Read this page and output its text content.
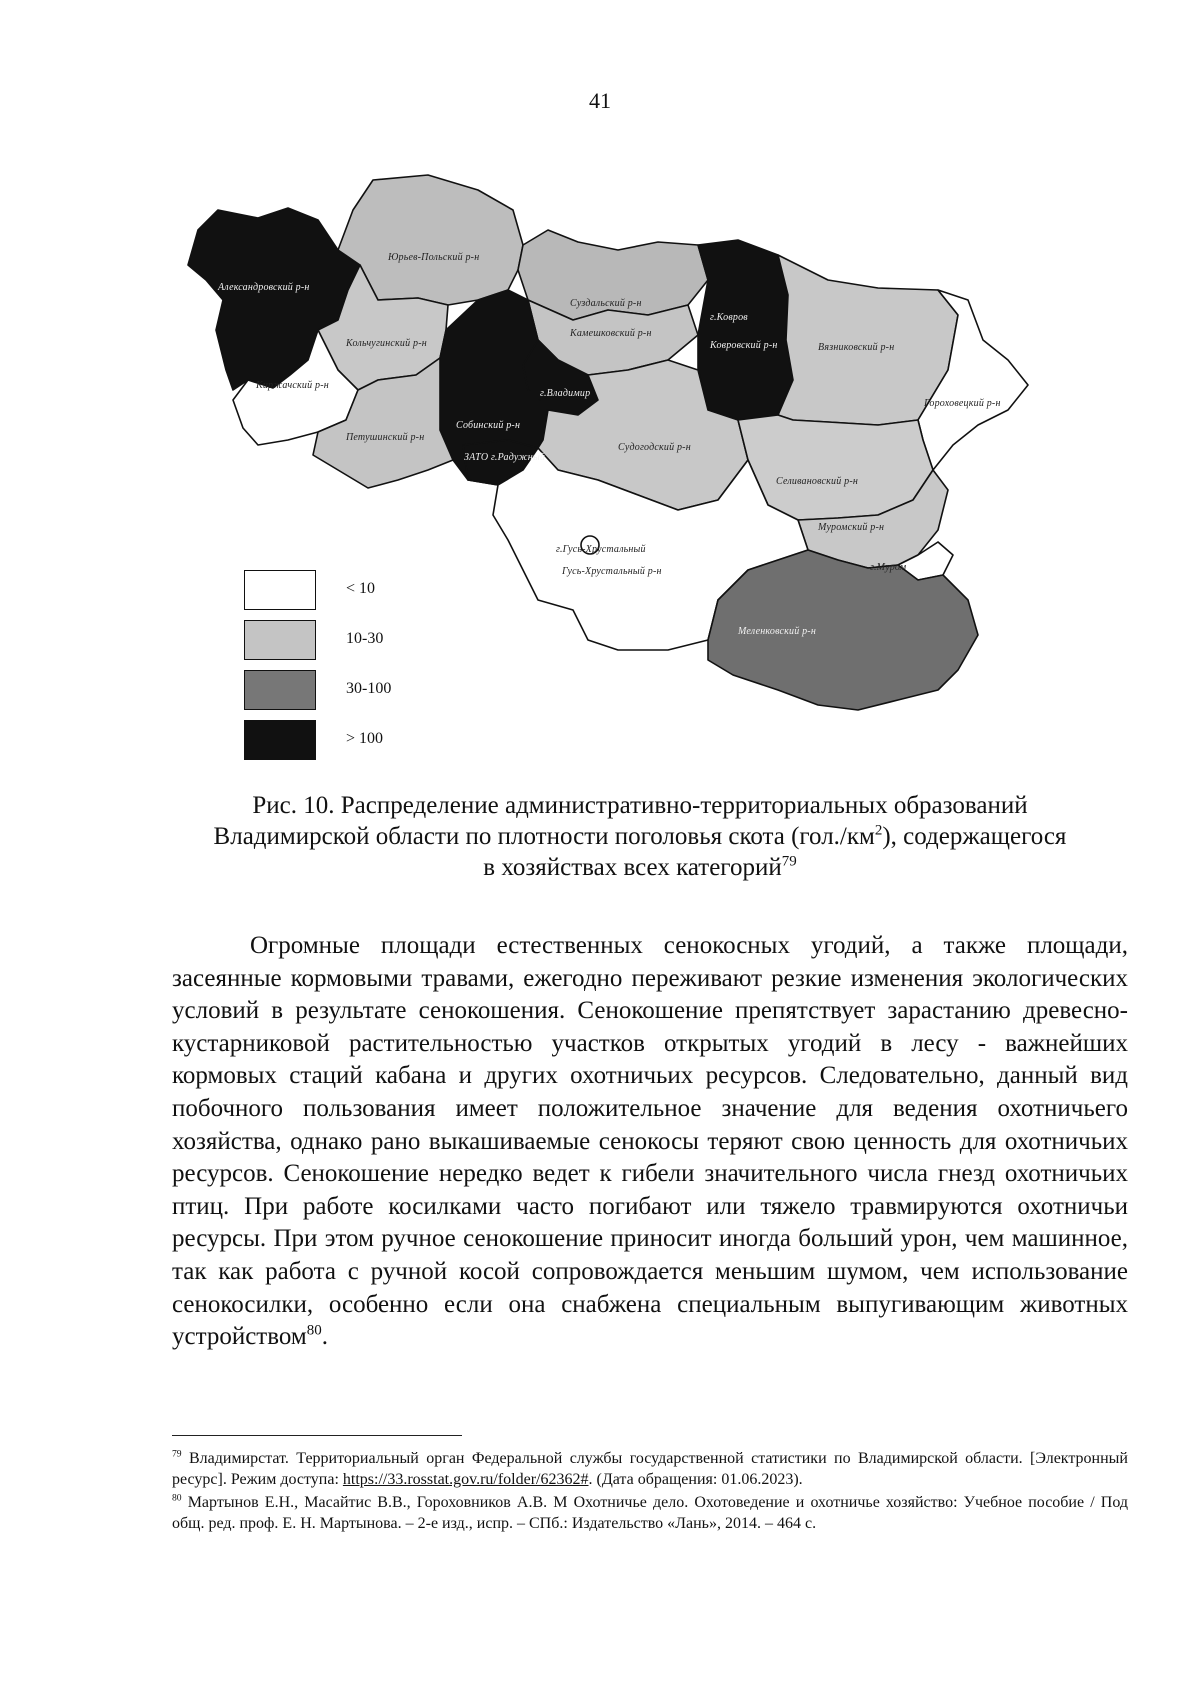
41
Александровский р-н
Юрьев-Польский р-н
Кольчугинский р-н
Киржачский р-н
Суздальский р-н
Камешковский р-н
г.Ковров
Ковровский р-н	Вязниковский р-н
Гороховецкий р-н
г.Владимир
Собинский р-н
ЗАТО г.Радужный
Петушинский р-н
Судогодский р-н
Селивановский р-н
Муромский р-н
г.Муром
г.Гусь-Хрустальный
Гусь-Хрустальный р-н
Меленковский р-н
< 10
10-30
30-100
> 100
Рис. 10. Распределение административно-территориальных образований
Владимирской области по плотности поголовья скота $(гол./км^2)$, содержащегося
в хозяйствах всех категорий$^{79}$

Огромные площади естественных сенокосных угодий, а также площади, засеянные кормовыми травами, ежегодно переживают резкие изменения экологических условий в результате сенокошения. Сенокошение препятствует зарастанию древесно-кустарниковой растительностью участков открытых угодий в лесу - важнейших кормовых стаций кабана и других охотничьих ресурсов. Следовательно, данный вид побочного пользования имеет положительное значение для ведения охотничьего хозяйства, однако рано выкашиваемые сенокосы теряют свою ценность для охотничьих ресурсов. Сенокошение нередко ведет к гибели значительного числа гнезд охотничьих птиц. При работе косилками часто погибают или тяжело травмируются охотничьи ресурсы. При этом ручное сенокошение приносит иногда больший урон, чем машинное, так как работа с ручной косой сопровождается меньшим шумом, чем использование сенокосилки, особенно если она снабжена специальным выпугивающим животных устройством$^{80}$.

$^{79}$ Владимирстат. Территориальный орган Федеральной службы государственной статистики по Владимирской области. [Электронный ресурс]. Режим доступа: https://33.rosstat.gov.ru/folder/62362#. (Дата обращения: 01.06.2023).

$^{80}$ Мартынов Е.Н., Масайтис В.В., Гороховников А.В. М Охотничье дело. Охотоведение и охотничье хозяйство: Учебное пособие / Под общ. ред. проф. Е. Н. Мартынова. – 2-е изд., испр. – СПб.: Издательство «Лань», 2014. – 464 с.
